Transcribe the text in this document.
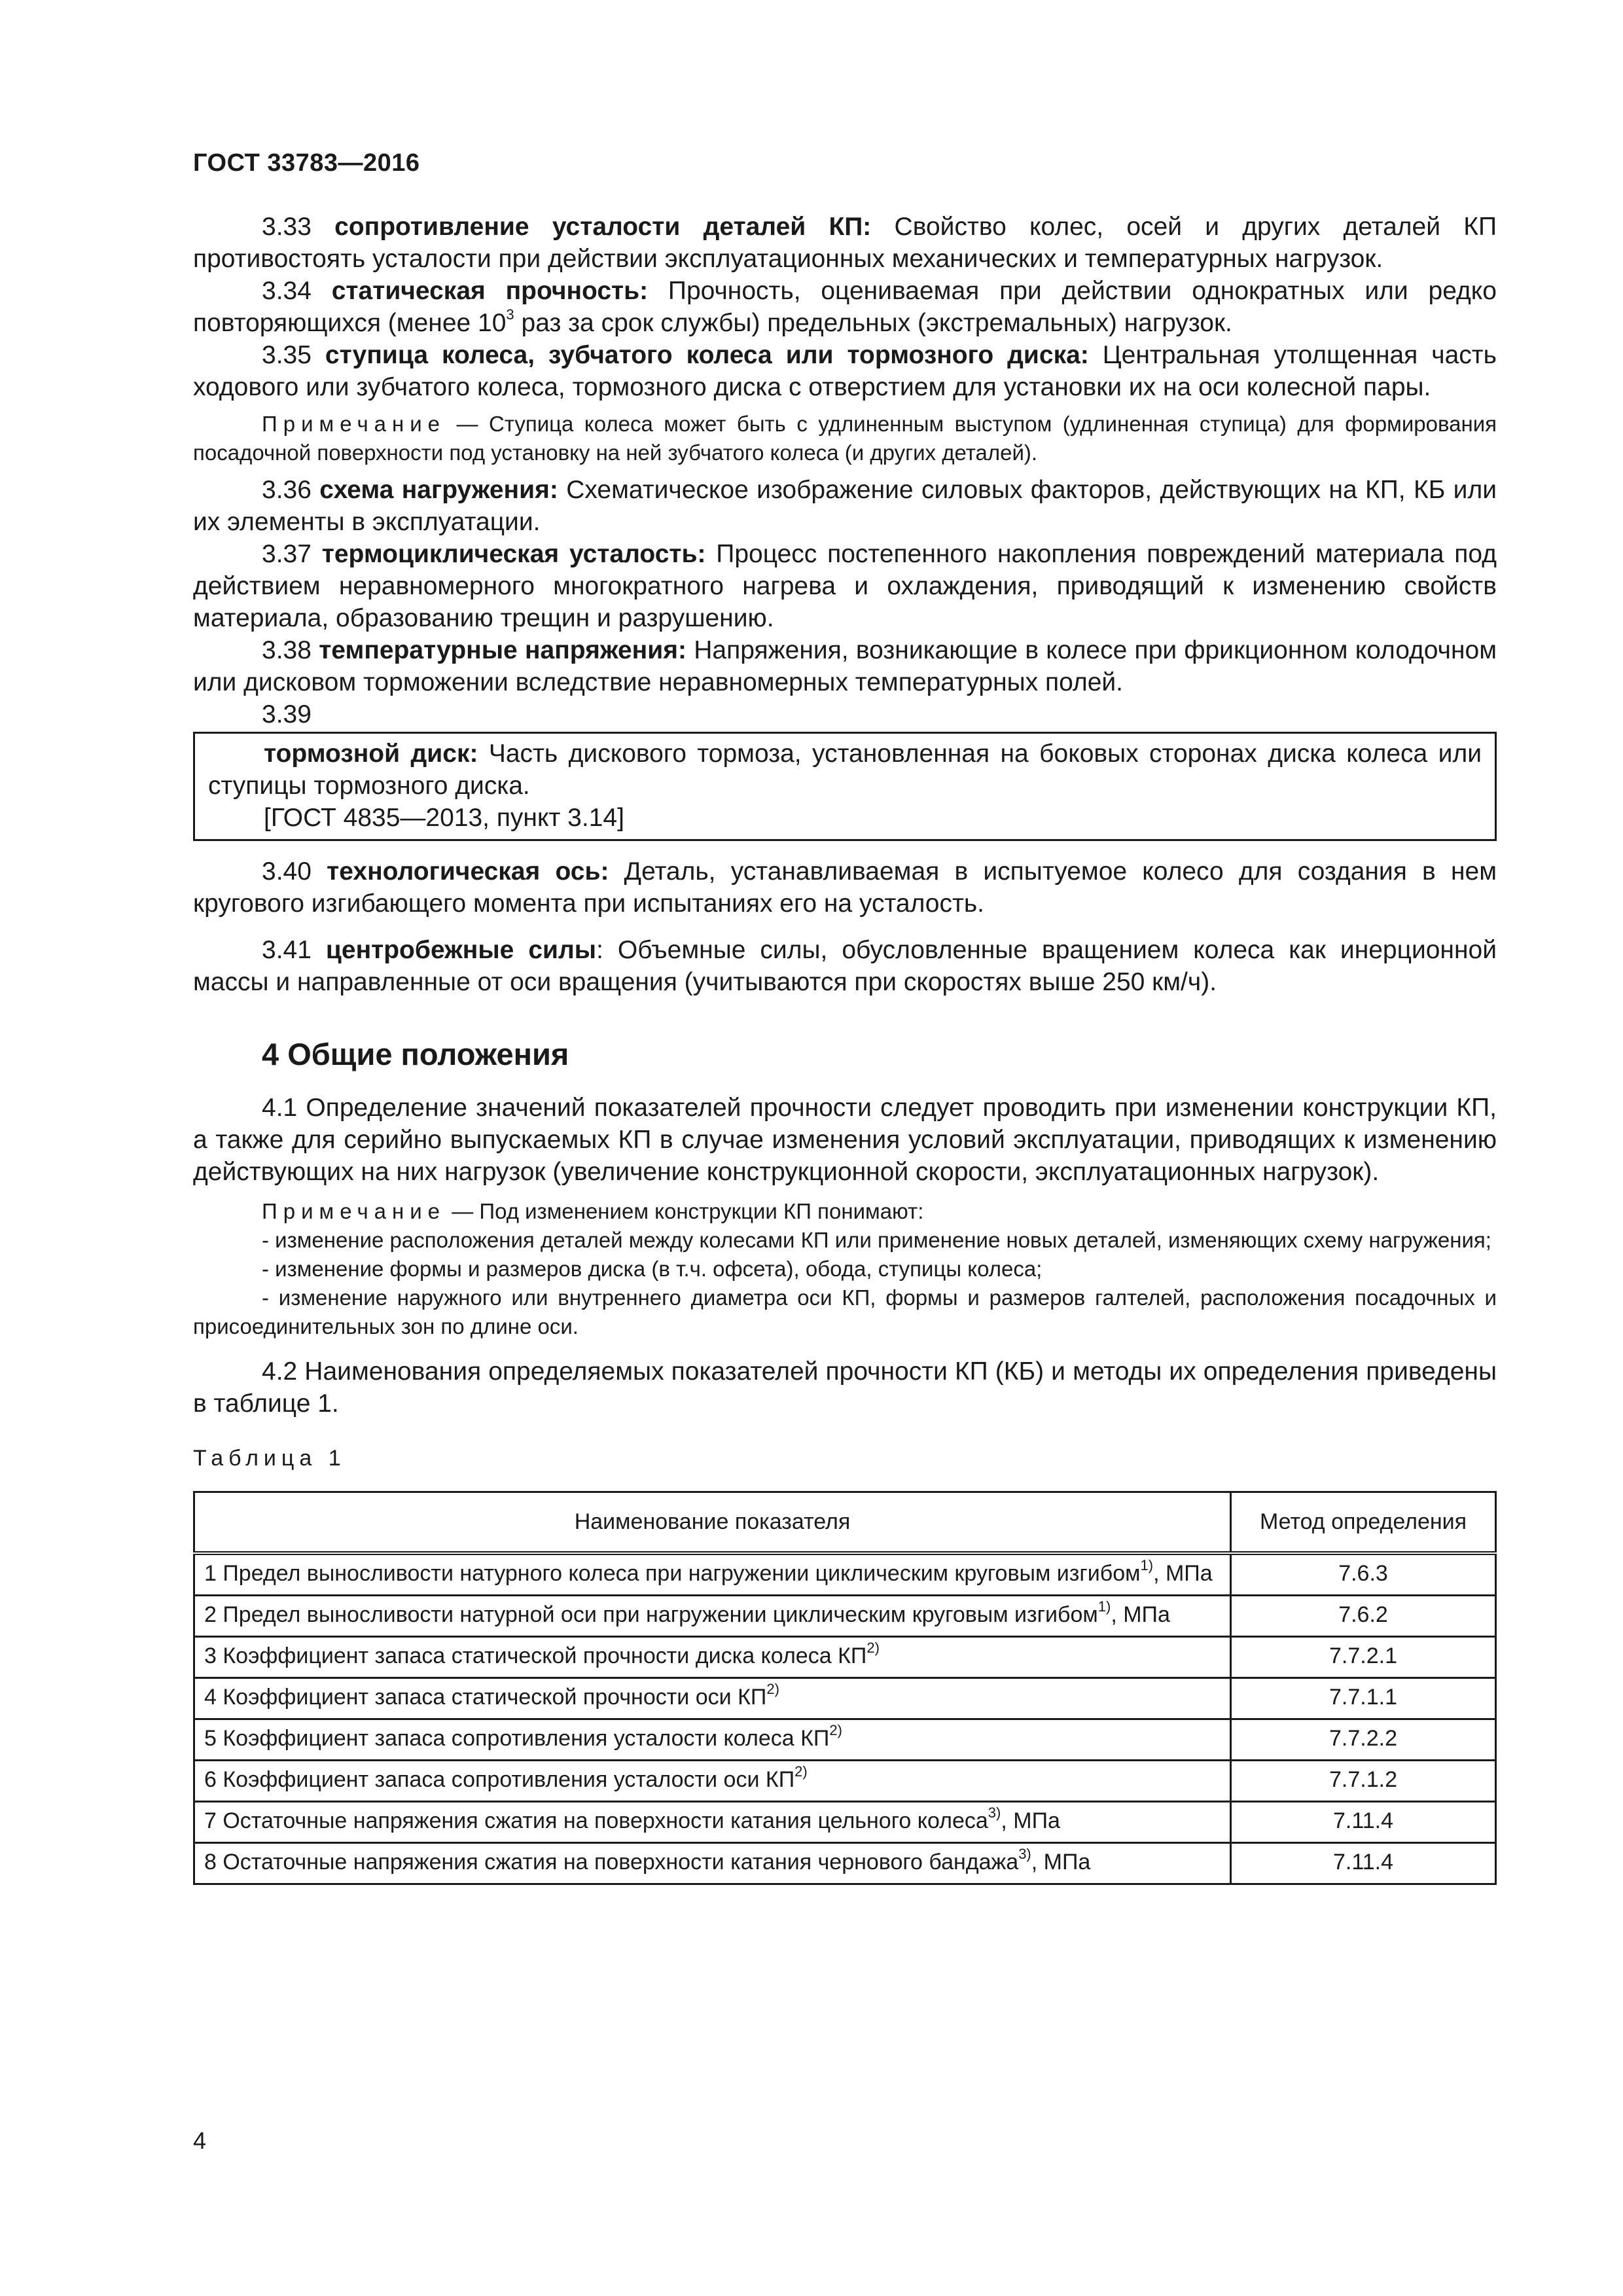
ГОСТ 33783—2016

3.33 сопротивление усталости деталей КП: Свойство колес, осей и других деталей КП противостоять усталости при действии эксплуатационных механических и температурных нагрузок.

3.34 статическая прочность: Прочность, оцениваемая при действии однократных или редко повторяющихся (менее $10^3$ раз за срок службы) предельных (экстремальных) нагрузок.

3.35 ступица колеса, зубчатого колеса или тормозного диска: Центральная утолщенная часть ходового или зубчатого колеса, тормозного диска с отверстием для установки их на оси колесной пары.

Примечание — Ступица колеса может быть с удлиненным выступом (удлиненная ступица) для формирования посадочной поверхности под установку на ней зубчатого колеса (и других деталей).

3.36 схема нагружения: Схематическое изображение силовых факторов, действующих на КП, КБ или их элементы в эксплуатации.

3.37 термоциклическая усталость: Процесс постепенного накопления повреждений материала под действием неравномерного многократного нагрева и охлаждения, приводящий к изменению свойств материала, образованию трещин и разрушению.

3.38 температурные напряжения: Напряжения, возникающие в колесе при фрикционном колодочном или дисковом торможении вследствие неравномерных температурных полей.

3.39

тормозной диск: Часть дискового тормоза, установленная на боковых сторонах диска колеса или ступицы тормозного диска.

[ГОСТ 4835—2013, пункт 3.14]

3.40 технологическая ось: Деталь, устанавливаемая в испытуемое колесо для создания в нем кругового изгибающего момента при испытаниях его на усталость.

3.41 центробежные силы: Объемные силы, обусловленные вращением колеса как инерционной массы и направленные от оси вращения (учитываются при скоростях выше 250 км/ч).

4 Общие положения

4.1 Определение значений показателей прочности следует проводить при изменении конструкции КП, а также для серийно выпускаемых КП в случае изменения условий эксплуатации, приводящих к изменению действующих на них нагрузок (увеличение конструкционной скорости, эксплуатационных нагрузок).

Примечание — Под изменением конструкции КП понимают:

- изменение расположения деталей между колесами КП или применение новых деталей, изменяющих схему нагружения;

- изменение формы и размеров диска (в т.ч. офсета), обода, ступицы колеса;

- изменение наружного или внутреннего диаметра оси КП, формы и размеров галтелей, расположения посадочных и присоединительных зон по длине оси.

4.2 Наименования определяемых показателей прочности КП (КБ) и методы их определения приведены в таблице 1.

Таблица 1
Наименование показателя	Метод определения
1 Предел выносливости натурного колеса при нагружении циклическим круговым изгибом$^{1)}$, МПа	7.6.3
2 Предел выносливости натурной оси при нагружении циклическим круговым изгибом$^{1)}$, МПа	7.6.2
3 Коэффициент запаса статической прочности диска колеса КП$^{2)}$	7.7.2.1
4 Коэффициент запаса статической прочности оси КП$^{2)}$	7.7.1.1
5 Коэффициент запаса сопротивления усталости колеса КП$^{2)}$	7.7.2.2
6 Коэффициент запаса сопротивления усталости оси КП$^{2)}$	7.7.1.2
7 Остаточные напряжения сжатия на поверхности катания цельного колеса$^{3)}$, МПа	7.11.4
8 Остаточные напряжения сжатия на поверхности катания чернового бандажа$^{3)}$, МПа	7.11.4
4
